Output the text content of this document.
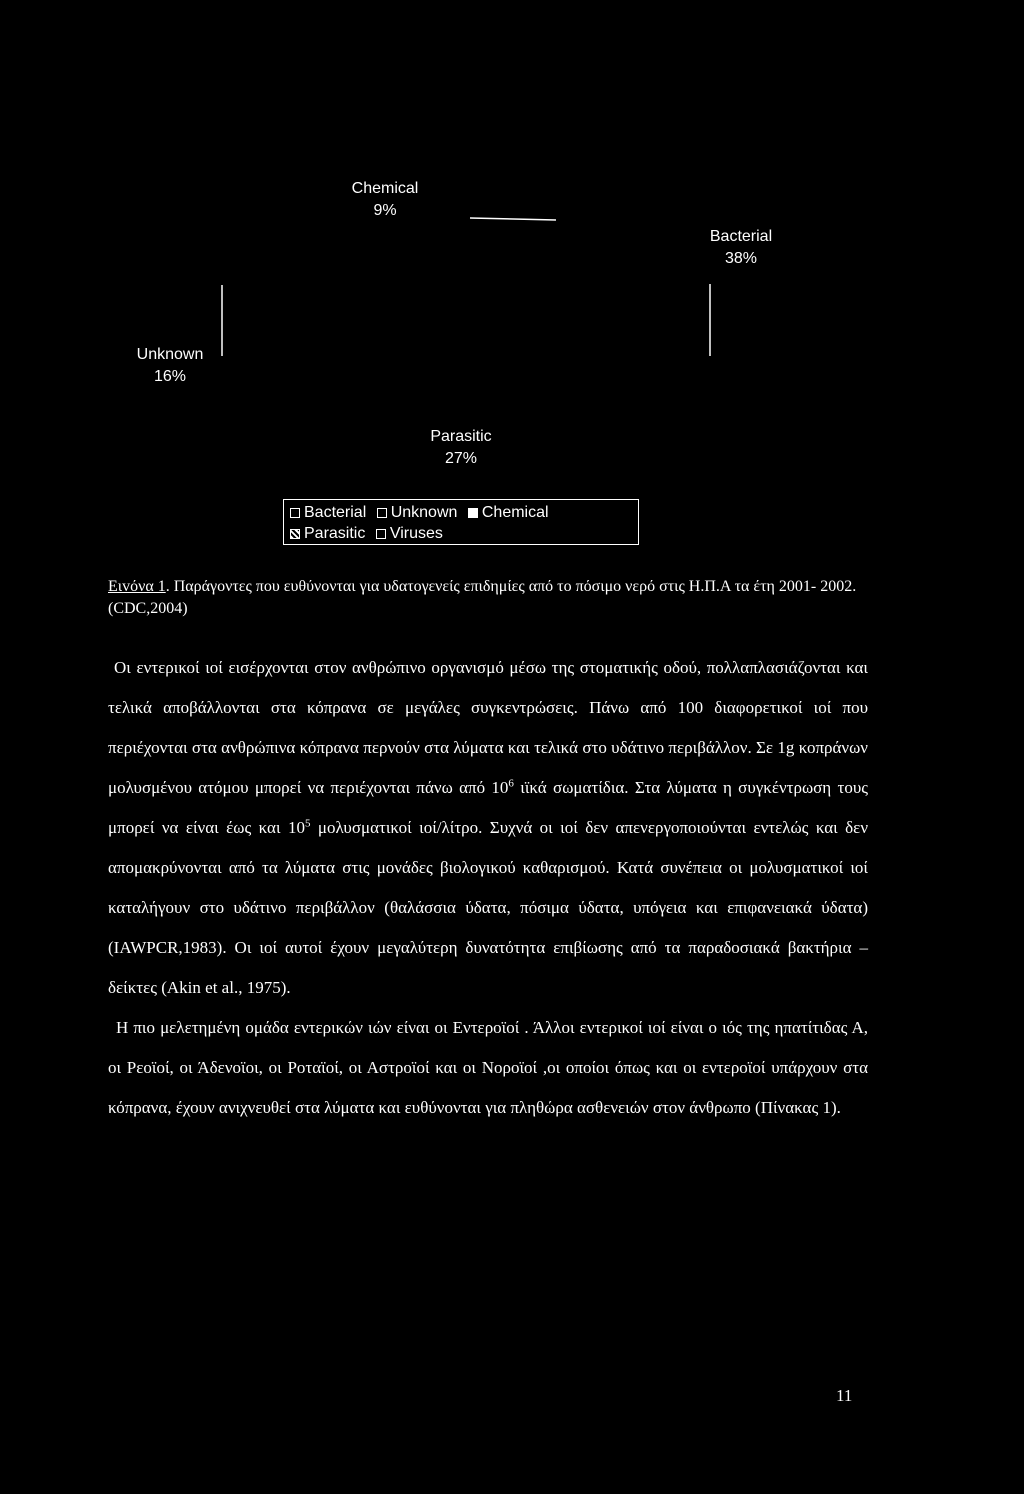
Chemical
9%
Bacterial
38%
Unknown
16%
Parasitic
27%
Bacterial Unknown Chemical
Parasitic Viruses
Ειvόνα 1. Παράγοντες που ευθύνονται για υδατογενείς επιδημίες από το πόσιμο νερό στις Η.Π.Α τα έτη 2001- 2002. (CDC,2004)

Οι εντερικοί ιοί εισέρχονται στον ανθρώπινο οργανισμό μέσω της στοματικής οδού, πολλαπλασιάζονται και τελικά αποβάλλονται στα κόπρανα σε μεγάλες συγκεντρώσεις. Πάνω από 100 διαφορετικοί ιοί που περιέχονται στα ανθρώπινα κόπρανα περνούν στα λύματα και τελικά στο υδάτινο περιβάλλον. Σε 1g κοπράνων μολυσμένου ατόμου μπορεί να περιέχονται πάνω από $10^6$ ιϊκά σωματίδια. Στα λύματα η συγκέντρωση τους μπορεί να είναι έως και $10^5$ μολυσματικοί ιοί/λίτρο. Συχνά οι ιοί δεν απενεργοποιούνται εντελώς και δεν απομακρύνονται από τα λύματα στις μονάδες βιολογικού καθαρισμού. Κατά συνέπεια οι μολυσματικοί ιοί καταλήγουν στο υδάτινο περιβάλλον (θαλάσσια ύδατα, πόσιμα ύδατα, υπόγεια και επιφανειακά ύδατα) (IAWPCR,1983). Οι ιοί αυτοί έχουν μεγαλύτερη δυνατότητα επιβίωσης από τα παραδοσιακά βακτήρια – δείκτες (Akin et al., 1975).

Η πιο μελετημένη ομάδα εντερικών ιών είναι οι Εντεροϊοί . Άλλοι εντερικοί ιοί είναι ο ιός της ηπατίτιδας Α, οι Ρεοϊοί, οι Άδενοϊοι, οι Ροταϊοί, οι Αστροϊοί και οι Νοροϊοί ,οι οποίοι όπως και οι εντεροϊοί υπάρχουν στα κόπρανα, έχουν ανιχνευθεί στα λύματα και ευθύνονται για πληθώρα ασθενειών στον άνθρωπο (Πίνακας 1).

11
